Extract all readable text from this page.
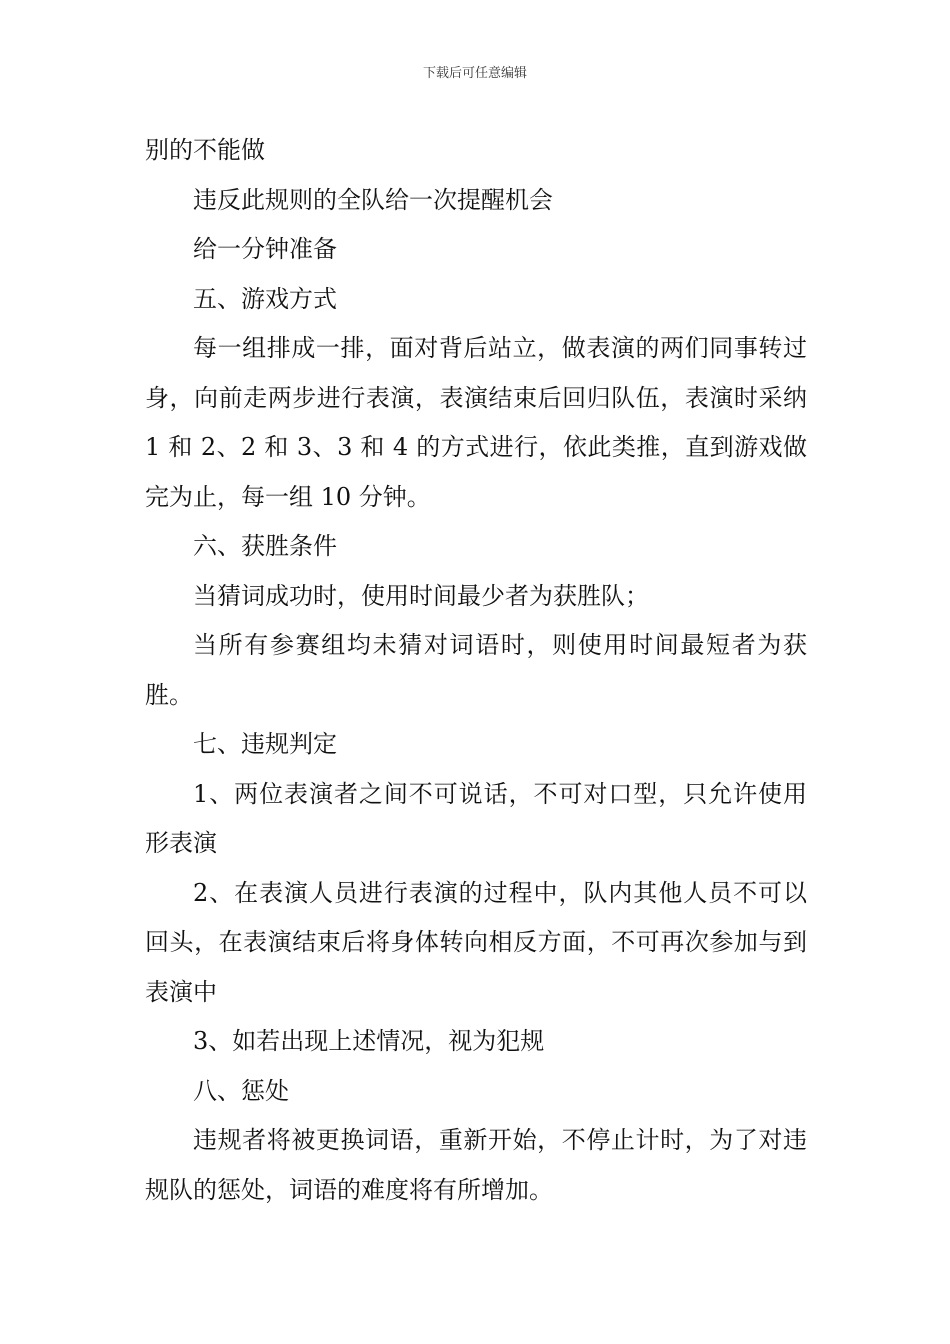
下载后可任意编辑

别的不能做

违反此规则的全队给一次提醒机会

给一分钟准备

五、游戏方式

每一组排成一排，面对背后站立，做表演的两们同事转过身，向前走两步进行表演，表演结束后回归队伍，表演时采纳 1 和 2、2 和 3、3 和 4 的方式进行，依此类推，直到游戏做完为止，每一组 10 分钟。

六、获胜条件

当猜词成功时，使用时间最少者为获胜队；

当所有参赛组均未猜对词语时，则使用时间最短者为获胜。

七、违规判定

1、两位表演者之间不可说话，不可对口型，只允许使用形表演

2、在表演人员进行表演的过程中，队内其他人员不可以回头，在表演结束后将身体转向相反方面，不可再次参加与到表演中

3、如若出现上述情况，视为犯规

八、惩处

违规者将被更换词语，重新开始，不停止计时，为了对违规队的惩处，词语的难度将有所增加。
